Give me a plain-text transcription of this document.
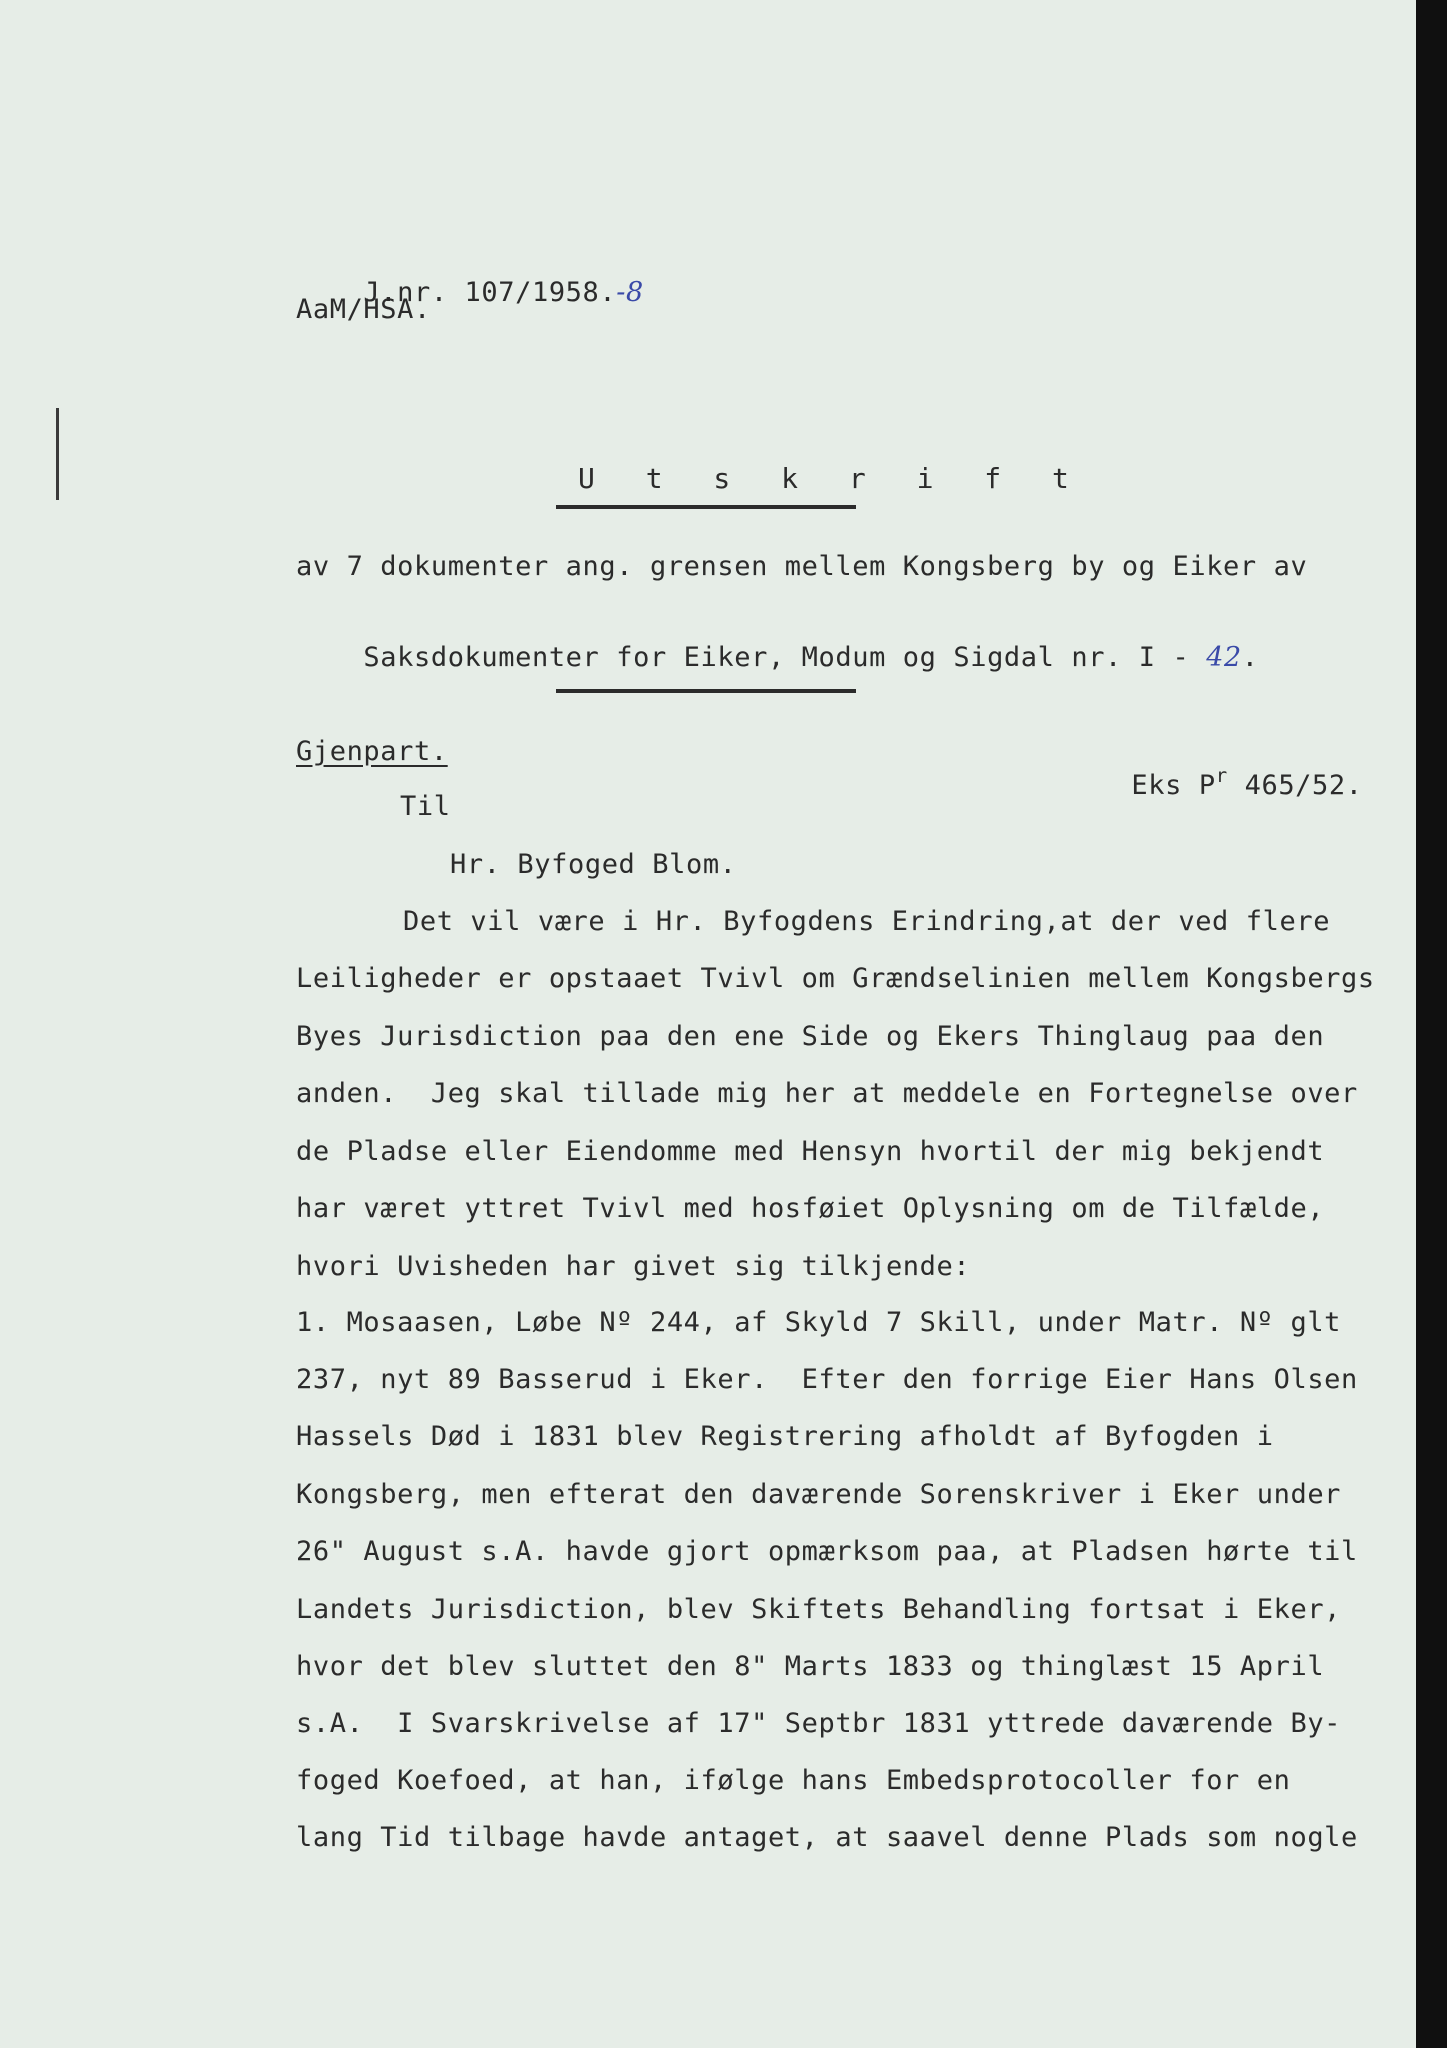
J.nr. 107/1958.-8

AaM/HSA.
U t s k r i f t
av 7 dokumenter ang. grensen mellem Kongsberg by og Eiker av

Saksdokumenter for Eiker, Modum og Sigdal nr. I - 42.

Gjenpart.

Eks $P^r$ 465/52.

Til
Hr. Byfoged Blom.
Det vil være i Hr. Byfogdens Erindring,at der ved flere
Leiligheder er opstaaet Tvivl om Grændselinien mellem Kongsbergs
Byes Jurisdiction paa den ene Side og Ekers Thinglaug paa den
anden.  Jeg skal tillade mig her at meddele en Fortegnelse over
de Pladse eller Eiendomme med Hensyn hvortil der mig bekjendt
har været yttret Tvivl med hosføiet Oplysning om de Tilfælde,
hvori Uvisheden har givet sig tilkjende:
1. Mosaasen, Løbe Nº 244, af Skyld 7 Skill, under Matr. Nº glt
237, nyt 89 Basserud i Eker.  Efter den forrige Eier Hans Olsen
Hassels Død i 1831 blev Registrering afholdt af Byfogden i
Kongsberg, men efterat den daværende Sorenskriver i Eker under
26" August s.A. havde gjort opmærksom paa, at Pladsen hørte til
Landets Jurisdiction, blev Skiftets Behandling fortsat i Eker,
hvor det blev sluttet den 8" Marts 1833 og thinglæst 15 April
s.A.  I Svarskrivelse af 17" Septbr 1831 yttrede daværende By-
foged Koefoed, at han, ifølge hans Embedsprotocoller for en
lang Tid tilbage havde antaget, at saavel denne Plads som nogle
